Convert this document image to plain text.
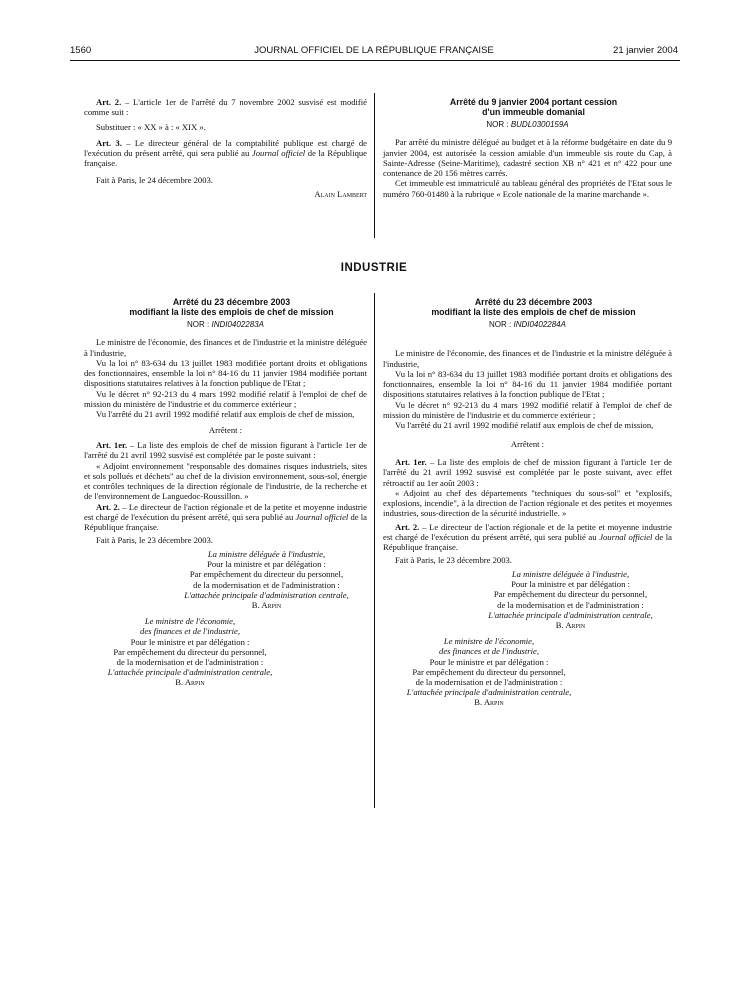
1560	JOURNAL OFFICIEL DE LA RÉPUBLIQUE FRANÇAISE	21 janvier 2004

Art. 2. – L'article 1er de l'arrêté du 7 novembre 2002 susvisé est modifié comme suit :

Substituer : « XX » à : « XIX ».

Art. 3. – Le directeur général de la comptabilité publique est chargé de l'exécution du présent arrêté, qui sera publié au Journal officiel de la République française.

Fait à Paris, le 24 décembre 2003.

Alain Lambert

Arrêté du 9 janvier 2004 portant cession

d'un immeuble domanial

NOR : BUDL0300159A

Par arrêté du ministre délégué au budget et à la réforme budgétaire en date du 9 janvier 2004, est autorisée la cession amiable d'un immeuble sis route du Cap, à Sainte-Adresse (Seine-Maritime), cadastré section XB n° 421 et n° 422 pour une contenance de 20 156 mètres carrés.

Cet immeuble est immatriculé au tableau général des propriétés de l'Etat sous le numéro 760-01480 à la rubrique « Ecole nationale de la marine marchande ».

INDUSTRIE

Arrêté du 23 décembre 2003

modifiant la liste des emplois de chef de mission

NOR : INDI0402283A

Le ministre de l'économie, des finances et de l'industrie et la ministre déléguée à l'industrie,

Vu la loi n° 83-634 du 13 juillet 1983 modifiée portant droits et obligations des fonctionnaires, ensemble la loi n° 84-16 du 11 janvier 1984 modifiée portant dispositions statutaires relatives à la fonction publique de l'Etat ;

Vu le décret n° 92-213 du 4 mars 1992 modifié relatif à l'emploi de chef de mission du ministère de l'industrie et du commerce extérieur ;

Vu l'arrêté du 21 avril 1992 modifié relatif aux emplois de chef de mission,

Arrêtent :

Art. 1er. – La liste des emplois de chef de mission figurant à l'article 1er de l'arrêté du 21 avril 1992 susvisé est complétée par le poste suivant :

« Adjoint environnement "responsable des domaines risques industriels, sites et sols pollués et déchets" au chef de la division environnement, sous-sol, énergie et contrôles techniques de la direction régionale de l'industrie, de la recherche et de l'environnement de Languedoc-Roussillon. »

Art. 2. – Le directeur de l'action régionale et de la petite et moyenne industrie est chargé de l'exécution du présent arrêté, qui sera publié au Journal officiel de la République française.

Fait à Paris, le 23 décembre 2003.

La ministre déléguée à l'industrie,

Pour la ministre et par délégation :

Par empêchement du directeur du personnel,

de la modernisation et de l'administration :

L'attachée principale d'administration centrale,

B. Arpin

Le ministre de l'économie,

des finances et de l'industrie,

Pour le ministre et par délégation :

Par empêchement du directeur du personnel,

de la modernisation et de l'administration :

L'attachée principale d'administration centrale,

B. Arpin

Arrêté du 23 décembre 2003

modifiant la liste des emplois de chef de mission

NOR : INDI0402284A

Le ministre de l'économie, des finances et de l'industrie et la ministre déléguée à l'industrie,

Vu la loi n° 83-634 du 13 juillet 1983 modifiée portant droits et obligations des fonctionnaires, ensemble la loi n° 84-16 du 11 janvier 1984 modifiée portant dispositions statutaires relatives à la fonction publique de l'Etat ;

Vu le décret n° 92-213 du 4 mars 1992 modifié relatif à l'emploi de chef de mission du ministère de l'industrie et du commerce extérieur ;

Vu l'arrêté du 21 avril 1992 modifié relatif aux emplois de chef de mission,

Arrêtent :

Art. 1er. – La liste des emplois de chef de mission figurant à l'article 1er de l'arrêté du 21 avril 1992 susvisé est complétée par le poste suivant, avec effet rétroactif au 1er août 2003 :

« Adjoint au chef des départements "techniques du sous-sol" et "explosifs, explosions, incendie", à la direction de l'action régionale et des petites et moyennes industries, sous-direction de la sécurité industrielle. »

Art. 2. – Le directeur de l'action régionale et de la petite et moyenne industrie est chargé de l'exécution du présent arrêté, qui sera publié au Journal officiel de la République française.

Fait à Paris, le 23 décembre 2003.

La ministre déléguée à l'industrie,

Pour la ministre et par délégation :

Par empêchement du directeur du personnel,

de la modernisation et de l'administration :

L'attachée principale d'administration centrale,

B. Arpin

Le ministre de l'économie,

des finances et de l'industrie,

Pour le ministre et par délégation :

Par empêchement du directeur du personnel,

de la modernisation et de l'administration :

L'attachée principale d'administration centrale,

B. Arpin
